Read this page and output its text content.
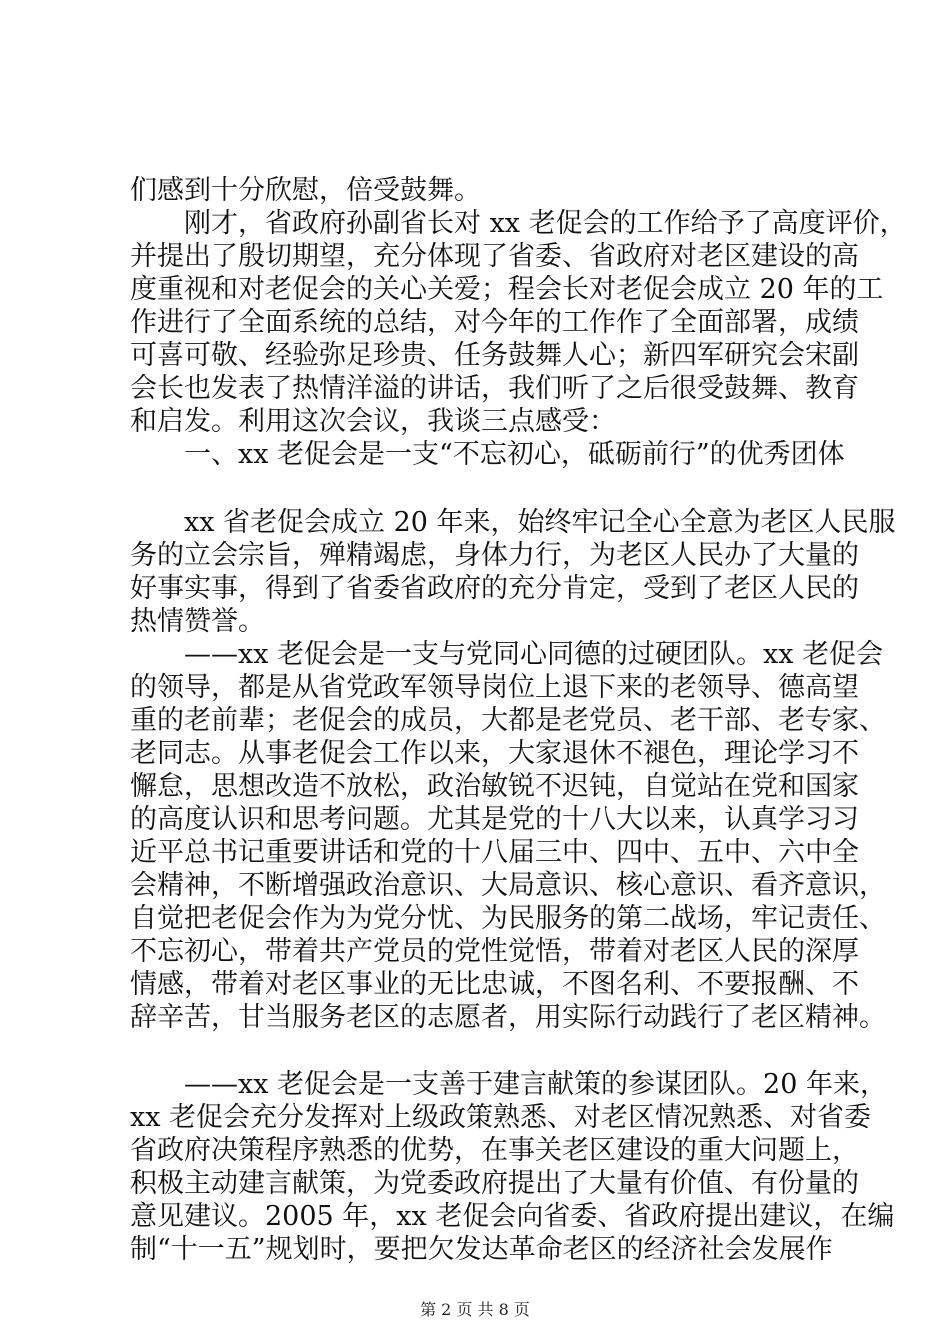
们感到十分欣慰，倍受鼓舞。
刚才，省政府孙副省长对 xx 老促会的工作给予了高度评价，
并提出了殷切期望，充分体现了省委、省政府对老区建设的高
度重视和对老促会的关心关爱；程会长对老促会成立 20 年的工
作进行了全面系统的总结，对今年的工作作了全面部署，成绩
可喜可敬、经验弥足珍贵、任务鼓舞人心；新四军研究会宋副
会长也发表了热情洋溢的讲话，我们听了之后很受鼓舞、教育
和启发。利用这次会议，我谈三点感受：
一、xx 老促会是一支“不忘初心，砥砺前行”的优秀团体
xx 省老促会成立 20 年来，始终牢记全心全意为老区人民服
务的立会宗旨，殚精竭虑，身体力行，为老区人民办了大量的
好事实事，得到了省委省政府的充分肯定，受到了老区人民的
热情赞誉。
——xx 老促会是一支与党同心同德的过硬团队。xx 老促会
的领导，都是从省党政军领导岗位上退下来的老领导、德高望
重的老前辈；老促会的成员，大都是老党员、老干部、老专家、
老同志。从事老促会工作以来，大家退休不褪色，理论学习不
懈怠，思想改造不放松，政治敏锐不迟钝，自觉站在党和国家
的高度认识和思考问题。尤其是党的十八大以来，认真学习习
近平总书记重要讲话和党的十八届三中、四中、五中、六中全
会精神，不断增强政治意识、大局意识、核心意识、看齐意识，
自觉把老促会作为为党分忧、为民服务的第二战场，牢记责任、
不忘初心，带着共产党员的党性觉悟，带着对老区人民的深厚
情感，带着对老区事业的无比忠诚，不图名利、不要报酬、不
辞辛苦，甘当服务老区的志愿者，用实际行动践行了老区精神。
——xx 老促会是一支善于建言献策的参谋团队。20 年来，
xx 老促会充分发挥对上级政策熟悉、对老区情况熟悉、对省委
省政府决策程序熟悉的优势，在事关老区建设的重大问题上，
积极主动建言献策，为党委政府提出了大量有价值、有份量的
意见建议。2005 年，xx 老促会向省委、省政府提出建议，在编
制“十一五”规划时，要把欠发达革命老区的经济社会发展作
第 2 页 共 8 页
